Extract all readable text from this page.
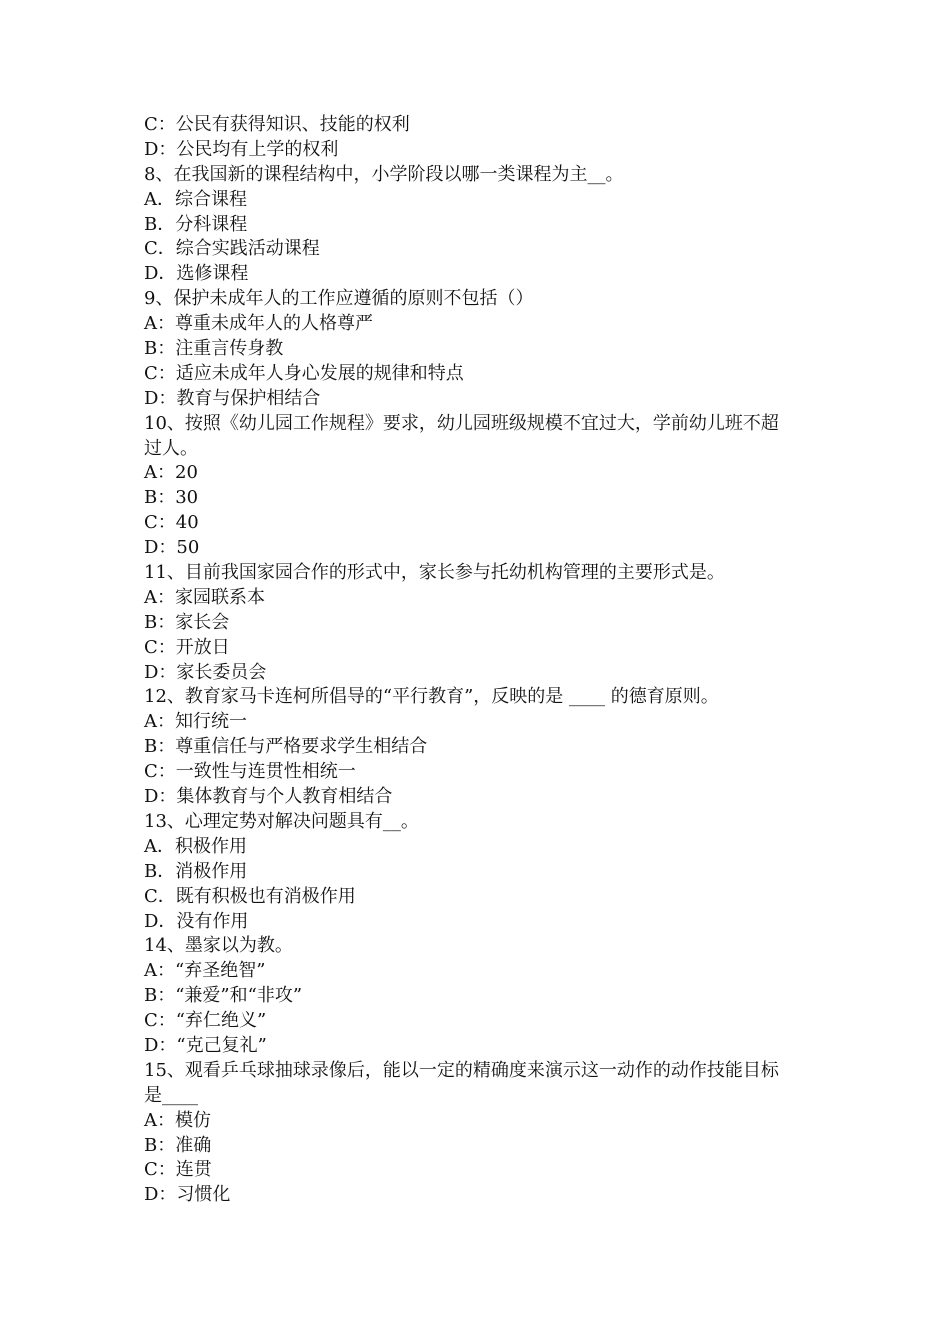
C：公民有获得知识、技能的权利
D：公民均有上学的权利
8、在我国新的课程结构中，小学阶段以哪一类课程为主__。
A．综合课程
B．分科课程
C．综合实践活动课程
D．选修课程
9、保护未成年人的工作应遵循的原则不包括（）
A：尊重未成年人的人格尊严
B：注重言传身教
C：适应未成年人身心发展的规律和特点
D：教育与保护相结合
10、按照《幼儿园工作规程》要求，幼儿园班级规模不宜过大，学前幼儿班不超
过人。
A：20
B：30
C：40
D：50
11、目前我国家园合作的形式中，家长参与托幼机构管理的主要形式是。
A：家园联系本
B：家长会
C：开放日
D：家长委员会
12、教育家马卡连柯所倡导的“平行教育”，反映的是 ____ 的德育原则。
A：知行统一
B：尊重信任与严格要求学生相结合
C：一致性与连贯性相统一
D：集体教育与个人教育相结合
13、心理定势对解决问题具有__。
A．积极作用
B．消极作用
C．既有积极也有消极作用
D．没有作用
14、墨家以为教。
A：“弃圣绝智”
B：“兼爱”和“非攻”
C：“弃仁绝义”
D：“克己复礼”
15、观看乒乓球抽球录像后，能以一定的精确度来演示这一动作的动作技能目标
是____
A：模仿
B：准确
C：连贯
D：习惯化
